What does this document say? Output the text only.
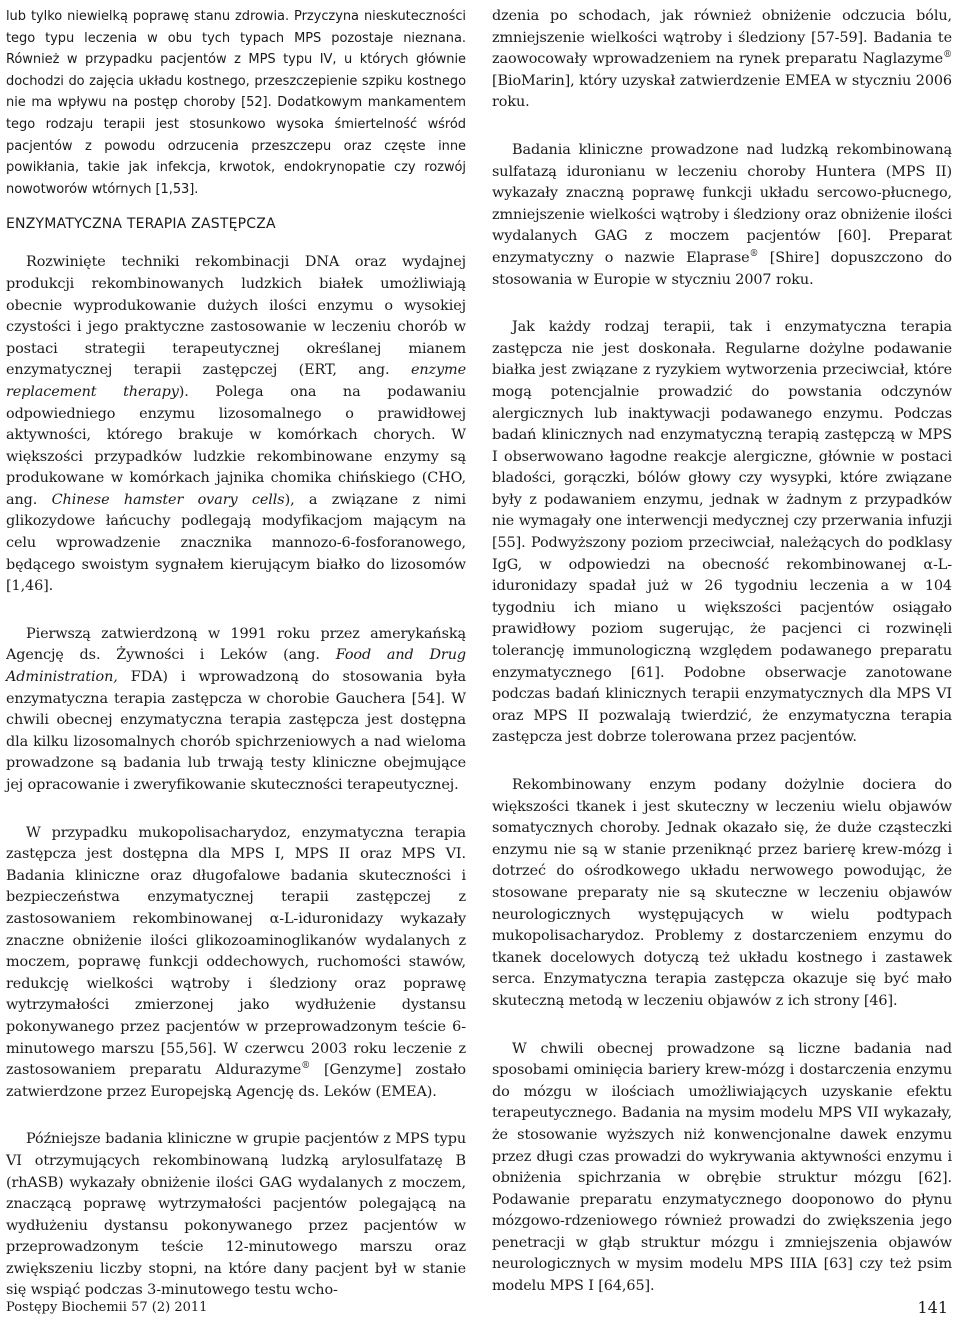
lub tylko niewielką poprawę stanu zdrowia. Przyczyna nieskuteczności tego typu leczenia w obu tych typach MPS pozostaje nieznana. Również w przypadku pacjentów z MPS typu IV, u których głównie dochodzi do zajęcia układu kostnego, przeszczepienie szpiku kostnego nie ma wpływu na postęp choroby [52]. Dodatkowym mankamentem tego rodzaju terapii jest stosunkowo wysoka śmiertelność wśród pacjentów z powodu odrzucenia przeszczepu oraz częste inne powikłania, takie jak infekcja, krwotok, endokrynopatie czy rozwój nowotworów wtórnych [1,53].

ENZYMATYCZNA TERAPIA ZASTĘPCZA

Rozwinięte techniki rekombinacji DNA oraz wydajnej produkcji rekombinowanych ludzkich białek umożliwiają obecnie wyprodukowanie dużych ilości enzymu o wysokiej czystości i jego praktyczne zastosowanie w leczeniu chorób w postaci strategii terapeutycznej określanej mianem enzymatycznej terapii zastępczej (ERT, ang. enzyme replacement therapy). Polega ona na podawaniu odpowiedniego enzymu lizosomalnego o prawidłowej aktywności, którego brakuje w komórkach chorych. W większości przypadków ludzkie rekombinowane enzymy są produkowane w komórkach jajnika chomika chińskiego (CHO, ang. Chinese hamster ovary cells), a związane z nimi glikozydowe łańcuchy podlegają modyfikacjom mającym na celu wprowadzenie znacznika mannozo-6-fosforanowego, będącego swoistym sygnałem kierującym białko do lizosomów [1,46].

Pierwszą zatwierdzoną w 1991 roku przez amerykańską Agencję ds. Żywności i Leków (ang. Food and Drug Administration, FDA) i wprowadzoną do stosowania była enzymatyczna terapia zastępcza w chorobie Gauchera [54]. W chwili obecnej enzymatyczna terapia zastępcza jest dostępna dla kilku lizosomalnych chorób spichrzeniowych a nad wieloma prowadzone są badania lub trwają testy kliniczne obejmujące jej opracowanie i zweryfikowanie skuteczności terapeutycznej.

W przypadku mukopolisacharydoz, enzymatyczna terapia zastępcza jest dostępna dla MPS I, MPS II oraz MPS VI. Badania kliniczne oraz długofalowe badania skuteczności i bezpieczeństwa enzymatycznej terapii zastępczej z zastosowaniem rekombinowanej α-L-iduronidazy wykazały znaczne obniżenie ilości glikozoaminoglikanów wydalanych z moczem, poprawę funkcji oddechowych, ruchomości stawów, redukcję wielkości wątroby i śledziony oraz poprawę wytrzymałości zmierzonej jako wydłużenie dystansu pokonywanego przez pacjentów w przeprowadzonym teście 6-minutowego marszu [55,56]. W czerwcu 2003 roku leczenie z zastosowaniem preparatu Aldurazyme® [Genzyme] zostało zatwierdzone przez Europejską Agencję ds. Leków (EMEA).

Późniejsze badania kliniczne w grupie pacjentów z MPS typu VI otrzymujących rekombinowaną ludzką arylosulfatazę B (rhASB) wykazały obniżenie ilości GAG wydalanych z moczem, znaczącą poprawę wytrzymałości pacjentów polegającą na wydłużeniu dystansu pokonywanego przez pacjentów w przeprowadzonym teście 12-minutowego marszu oraz zwiększeniu liczby stopni, na które dany pacjent był w stanie się wspiąć podczas 3-minutowego testu wcho-

dzenia po schodach, jak również obniżenie odczucia bólu, zmniejszenie wielkości wątroby i śledziony [57-59]. Badania te zaowocowały wprowadzeniem na rynek preparatu Naglazyme® [BioMarin], który uzyskał zatwierdzenie EMEA w styczniu 2006 roku.

Badania kliniczne prowadzone nad ludzką rekombinowaną sulfatazą iduronianu w leczeniu choroby Huntera (MPS II) wykazały znaczną poprawę funkcji układu sercowo-płucnego, zmniejszenie wielkości wątroby i śledziony oraz obniżenie ilości wydalanych GAG z moczem pacjentów [60]. Preparat enzymatyczny o nazwie Elaprase® [Shire] dopuszczono do stosowania w Europie w styczniu 2007 roku.

Jak każdy rodzaj terapii, tak i enzymatyczna terapia zastępcza nie jest doskonała. Regularne dożylne podawanie białka jest związane z ryzykiem wytworzenia przeciwciał, które mogą potencjalnie prowadzić do powstania odczynów alergicznych lub inaktywacji podawanego enzymu. Podczas badań klinicznych nad enzymatyczną terapią zastępczą w MPS I obserwowano łagodne reakcje alergiczne, głównie w postaci bladości, gorączki, bólów głowy czy wysypki, które związane były z podawaniem enzymu, jednak w żadnym z przypadków nie wymagały one interwencji medycznej czy przerwania infuzji [55]. Podwyższony poziom przeciwciał, należących do podklasy IgG, w odpowiedzi na obecność rekombinowanej α-L-iduronidazy spadał już w 26 tygodniu leczenia a w 104 tygodniu ich miano u większości pacjentów osiągało prawidłowy poziom sugerując, że pacjenci ci rozwinęli tolerancję immunologiczną względem podawanego preparatu enzymatycznego [61]. Podobne obserwacje zanotowane podczas badań klinicznych terapii enzymatycznych dla MPS VI oraz MPS II pozwalają twierdzić, że enzymatyczna terapia zastępcza jest dobrze tolerowana przez pacjentów.

Rekombinowany enzym podany dożylnie dociera do większości tkanek i jest skuteczny w leczeniu wielu objawów somatycznych choroby. Jednak okazało się, że duże cząsteczki enzymu nie są w stanie przeniknąć przez barierę krew-mózg i dotrzeć do ośrodkowego układu nerwowego powodując, że stosowane preparaty nie są skuteczne w leczeniu objawów neurologicznych występujących w wielu podtypach mukopolisacharydoz. Problemy z dostarczeniem enzymu do tkanek docelowych dotyczą też układu kostnego i zastawek serca. Enzymatyczna terapia zastępcza okazuje się być mało skuteczną metodą w leczeniu objawów z ich strony [46].

W chwili obecnej prowadzone są liczne badania nad sposobami ominięcia bariery krew-mózg i dostarczenia enzymu do mózgu w ilościach umożliwiających uzyskanie efektu terapeutycznego. Badania na mysim modelu MPS VII wykazały, że stosowanie wyższych niż konwencjonalne dawek enzymu przez długi czas prowadzi do wykrywania aktywności enzymu i obniżenia spichrzania w obrębie struktur mózgu [62]. Podawanie preparatu enzymatycznego dooponowo do płynu mózgowo-rdzeniowego również prowadzi do zwiększenia jego penetracji w głąb struktur mózgu i zmniejszenia objawów neurologicznych w mysim modelu MPS IIIA [63] czy też psim modelu MPS I [64,65].

Postępy Biochemii 57 (2) 2011	141
